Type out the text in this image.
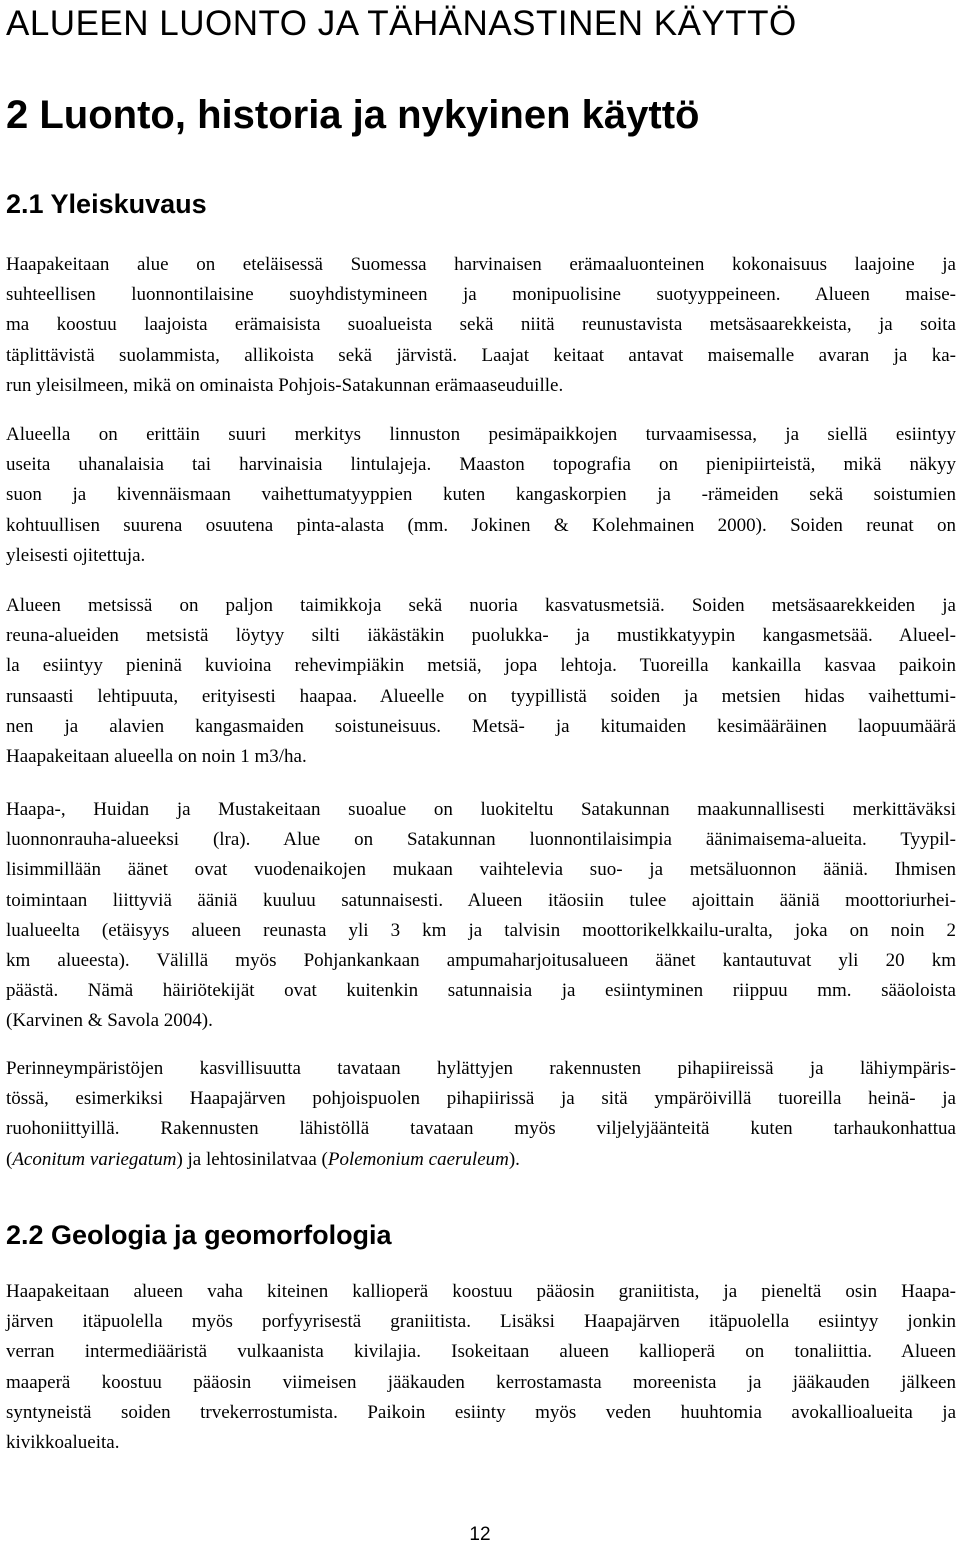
ALUEEN LUONTO JA TÄHÄNASTINEN KÄYTTÖ
2 Luonto, historia ja nykyinen käyttö
2.1 Yleiskuvaus
Haapakeitaan alue on eteläisessä Suomessa harvinaisen erämaaluonteinen kokonaisuus laajoine ja
suhteellisen luonnontilaisine suoyhdistymineen ja monipuolisine suotyyppeineen. Alueen maise-
ma koostuu laajoista erämaisista suoalueista sekä niitä reunustavista metsäsaarekkeista, ja soita
täplittävistä suolammista, allikoista sekä järvistä. Laajat keitaat antavat maisemalle avaran ja ka-
run yleisilmeen, mikä on ominaista Pohjois-Satakunnan erämaaseuduille.
Alueella on erittäin suuri merkitys linnuston pesimäpaikkojen turvaamisessa, ja siellä esiintyy
useita uhanalaisia tai harvinaisia lintulajeja. Maaston topografia on pienipiirteistä, mikä näkyy
suon ja kivennäismaan vaihettumatyyppien kuten kangaskorpien ja -rämeiden sekä soistumien
kohtuullisen suurena osuutena pinta-alasta (mm. Jokinen & Kolehmainen 2000). Soiden reunat on
yleisesti ojitettuja.
Alueen metsissä on paljon taimikkoja sekä nuoria kasvatusmetsiä. Soiden metsäsaarekkeiden ja
reuna-alueiden metsistä löytyy silti iäkästäkin puolukka- ja mustikkatyypin kangasmetsää. Alueel-
la esiintyy pieninä kuvioina rehevimpiäkin metsiä, jopa lehtoja. Tuoreilla kankailla kasvaa paikoin
runsaasti lehtipuuta, erityisesti haapaa. Alueelle on tyypillistä soiden ja metsien hidas vaihettumi-
nen ja alavien kangasmaiden soistuneisuus. Metsä- ja kitumaiden kesimääräinen laopuumäärä
Haapakeitaan alueella on noin 1 m3/ha.
Haapa-, Huidan ja Mustakeitaan suoalue on luokiteltu Satakunnan maakunnallisesti merkittäväksi
luonnonrauha-alueeksi (lra). Alue on Satakunnan luonnontilaisimpia äänimaisema-alueita. Tyypil-
lisimmillään äänet ovat vuodenaikojen mukaan vaihtelevia suo- ja metsäluonnon ääniä. Ihmisen
toimintaan liittyviä ääniä kuuluu satunnaisesti. Alueen itäosiin tulee ajoittain ääniä moottoriurhei-
lualueelta (etäisyys alueen reunasta yli 3 km ja talvisin moottorikelkkailu-uralta, joka on noin 2
km alueesta). Välillä myös Pohjankankaan ampumaharjoitusalueen äänet kantautuvat yli 20 km
päästä. Nämä häiriötekijät ovat kuitenkin satunnaisia ja esiintyminen riippuu mm. sääoloista
(Karvinen & Savola 2004).
Perinneympäristöjen kasvillisuutta tavataan hylättyjen rakennusten pihapiireissä ja lähiympäris-
tössä, esimerkiksi Haapajärven pohjoispuolen pihapiirissä ja sitä ympäröivillä tuoreilla heinä- ja
ruohoniittyillä. Rakennusten lähistöllä tavataan myös viljelyjäänteitä kuten tarhaukonhattua
(Aconitum variegatum) ja lehtosinilatvaa (Polemonium caeruleum).
2.2 Geologia ja geomorfologia
Haapakeitaan alueen vaha kiteinen kallioperä koostuu pääosin graniitista, ja pieneltä osin Haapa-
järven itäpuolella myös porfyyrisestä graniitista. Lisäksi Haapajärven itäpuolella esiintyy jonkin
verran intermediääristä vulkaanista kivilajia. Isokeitaan alueen kallioperä on tonaliittia. Alueen
maaperä koostuu pääosin viimeisen jääkauden kerrostamasta moreenista ja jääkauden jälkeen
syntyneistä soiden trvekerrostumista. Paikoin esiinty myös veden huuhtomia avokallioalueita ja
kivikkoalueita.
12
